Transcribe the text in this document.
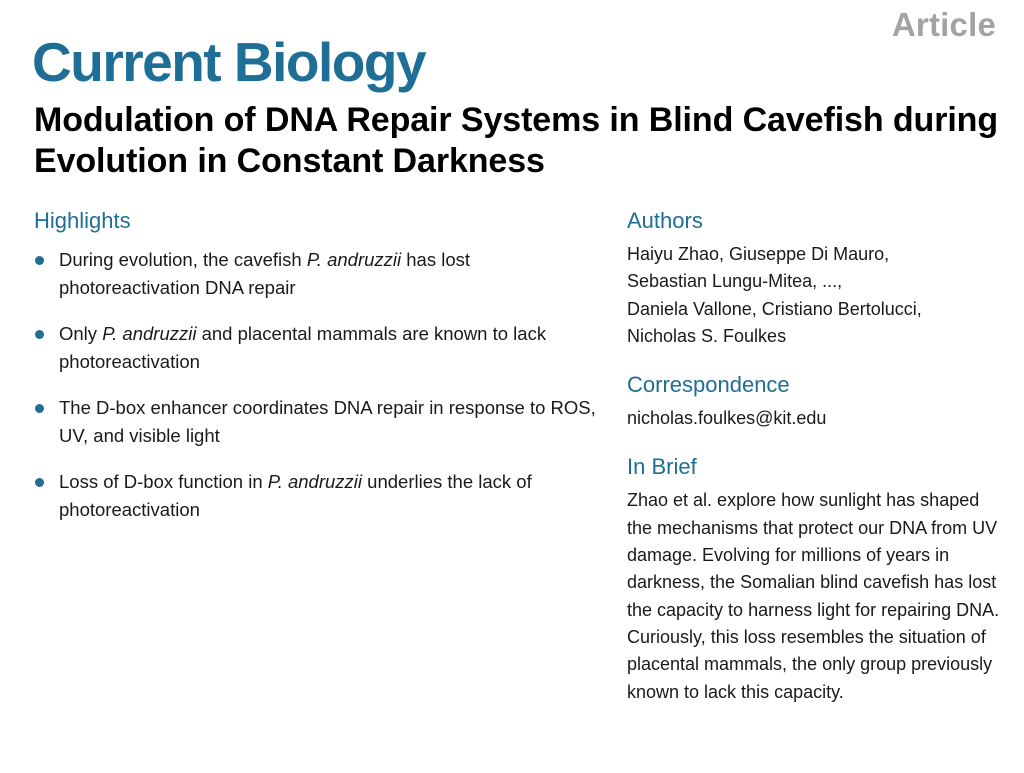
Article
Current Biology
Modulation of DNA Repair Systems in Blind Cavefish during Evolution in Constant Darkness
Highlights
During evolution, the cavefish P. andruzzii has lost photoreactivation DNA repair
Only P. andruzzii and placental mammals are known to lack photoreactivation
The D-box enhancer coordinates DNA repair in response to ROS, UV, and visible light
Loss of D-box function in P. andruzzii underlies the lack of photoreactivation
Authors
Haiyu Zhao, Giuseppe Di Mauro,
Sebastian Lungu-Mitea, ...,
Daniela Vallone, Cristiano Bertolucci,
Nicholas S. Foulkes
Correspondence

nicholas.foulkes@kit.edu

In Brief

Zhao et al. explore how sunlight has shaped the mechanisms that protect our DNA from UV damage. Evolving for millions of years in darkness, the Somalian blind cavefish has lost the capacity to harness light for repairing DNA. Curiously, this loss resembles the situation of placental mammals, the only group previously known to lack this capacity.
